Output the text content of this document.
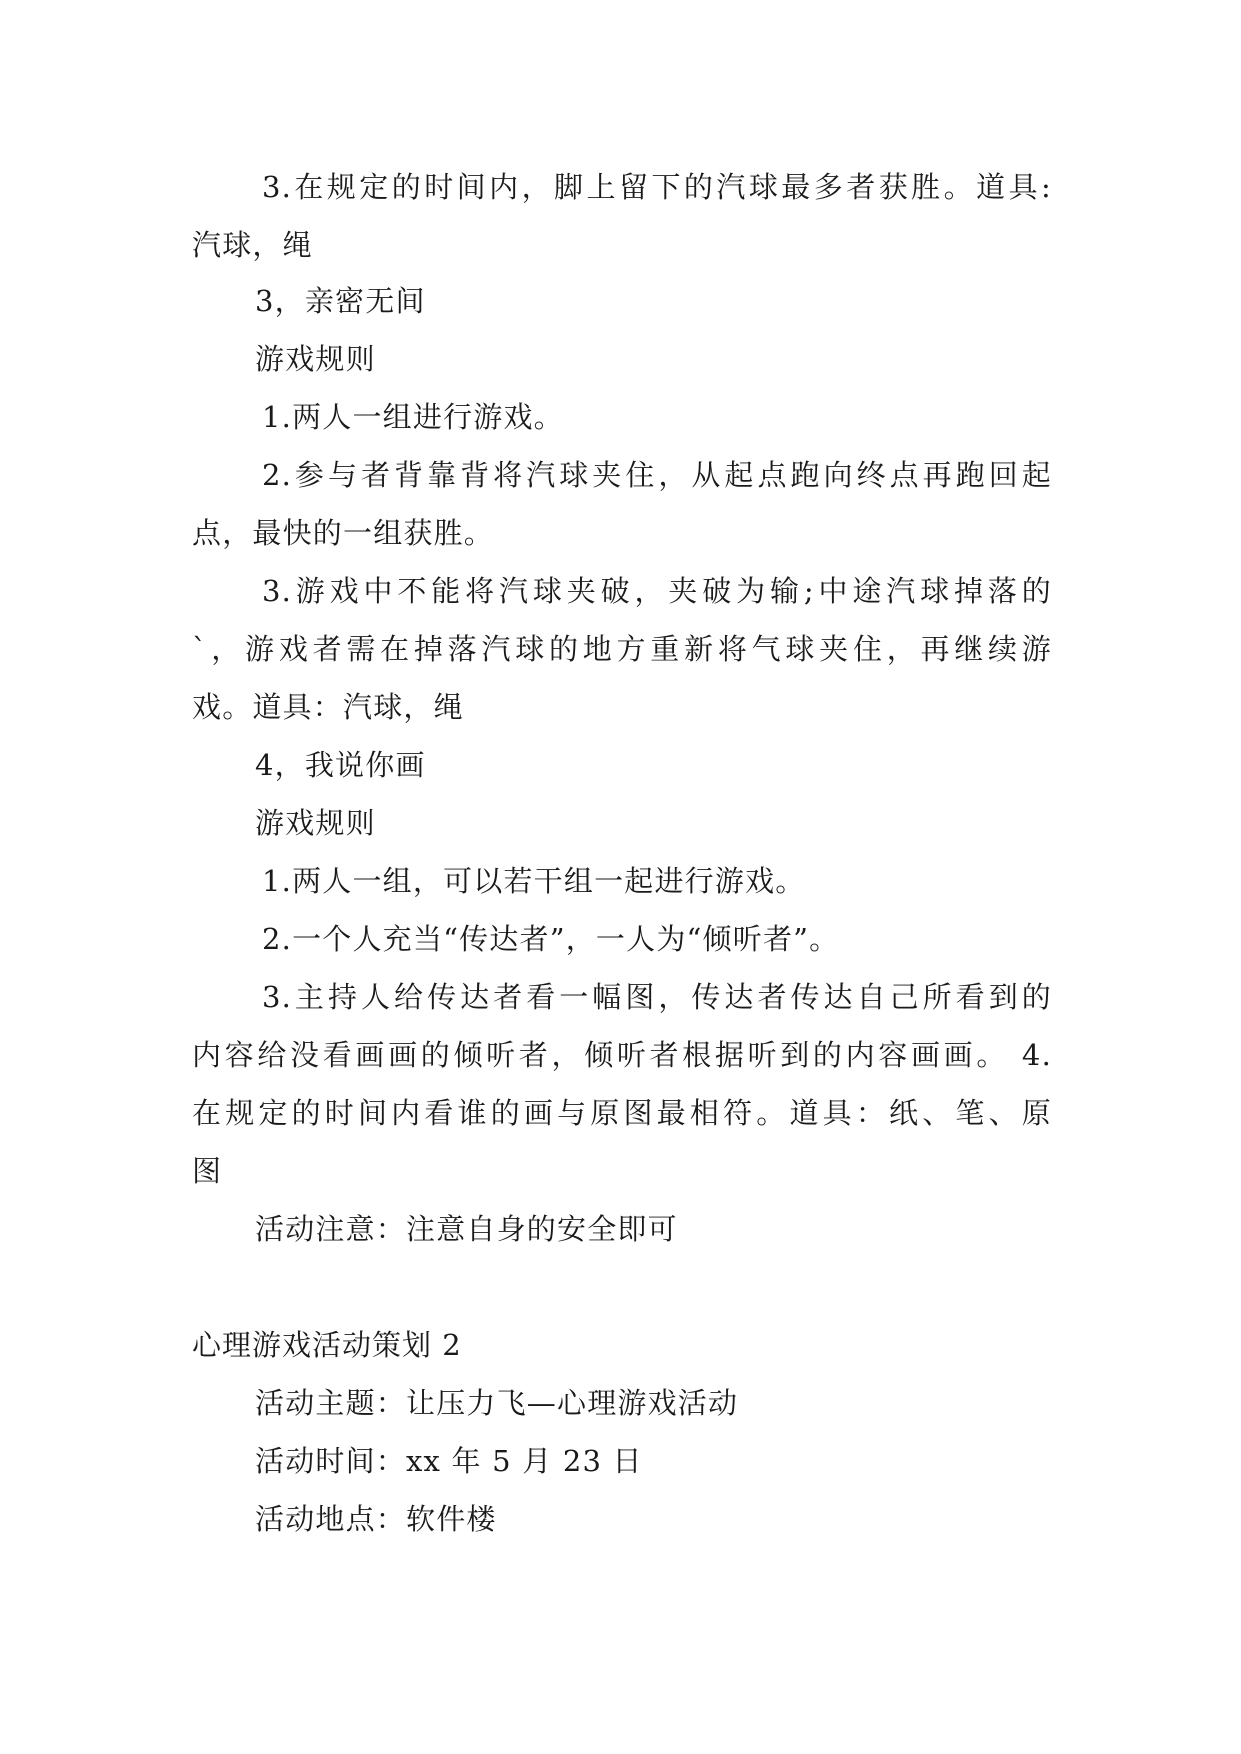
3.在规定的时间内，脚上留下的汽球最多者获胜。道具:
汽球，绳
3，亲密无间
游戏规则
1.两人一组进行游戏。
2.参与者背靠背将汽球夹住，从起点跑向终点再跑回起
点，最快的一组获胜。
3.游戏中不能将汽球夹破，夹破为输;中途汽球掉落的
`，游戏者需在掉落汽球的地方重新将气球夹住，再继续游
戏。道具：汽球，绳
4，我说你画
游戏规则
1.两人一组，可以若干组一起进行游戏。
2.一个人充当“传达者”，一人为“倾听者”。
3.主持人给传达者看一幅图，传达者传达自己所看到的
内容给没看画画的倾听者，倾听者根据听到的内容画画。 4.
在规定的时间内看谁的画与原图最相符。道具：纸、笔、原
图
活动注意：注意自身的安全即可
心理游戏活动策划 2
活动主题：让压力飞—心理游戏活动
活动时间：xx 年 5 月 23 日
活动地点：软件楼
